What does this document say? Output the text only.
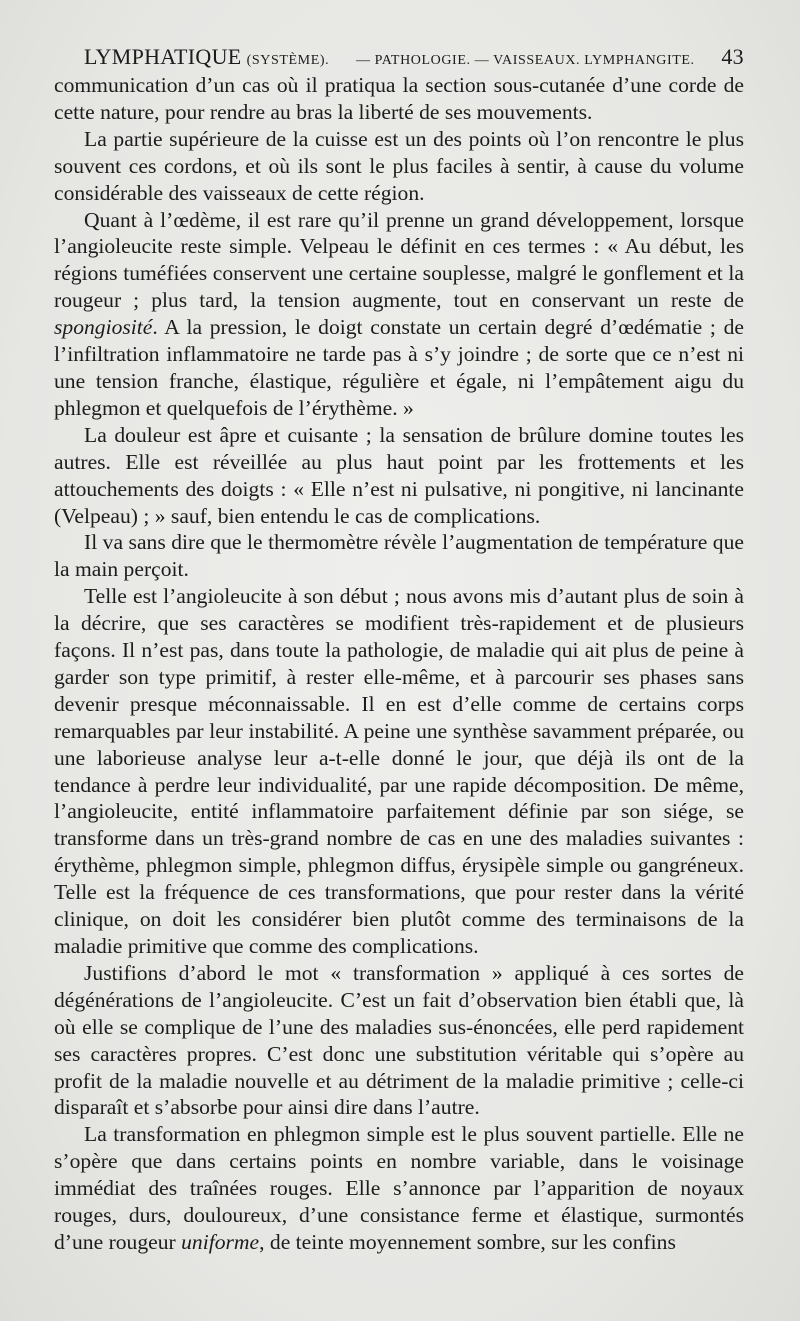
LYMPHATIQUE (SYSTÈME). — PATHOLOGIE. — VAISSEAUX. LYMPHANGITE. 43

communication d’un cas où il pratiqua la section sous-cutanée d’une corde de cette nature, pour rendre au bras la liberté de ses mouvements.

La partie supérieure de la cuisse est un des points où l’on rencontre le plus souvent ces cordons, et où ils sont le plus faciles à sentir, à cause du volume considérable des vaisseaux de cette région.

Quant à l’œdème, il est rare qu’il prenne un grand développement, lorsque l’angioleucite reste simple. Velpeau le définit en ces termes : « Au début, les régions tuméfiées conservent une certaine souplesse, malgré le gonflement et la rougeur ; plus tard, la tension augmente, tout en conservant un reste de spongiosité. A la pression, le doigt constate un certain degré d’œdématie ; de l’infiltration inflammatoire ne tarde pas à s’y joindre ; de sorte que ce n’est ni une tension franche, élastique, régulière et égale, ni l’empâtement aigu du phlegmon et quelquefois de l’érythème. »

La douleur est âpre et cuisante ; la sensation de brûlure domine toutes les autres. Elle est réveillée au plus haut point par les frottements et les attouchements des doigts : « Elle n’est ni pulsative, ni pongitive, ni lancinante (Velpeau) ; » sauf, bien entendu le cas de complications.

Il va sans dire que le thermomètre révèle l’augmentation de température que la main perçoit.

Telle est l’angioleucite à son début ; nous avons mis d’autant plus de soin à la décrire, que ses caractères se modifient très-rapidement et de plusieurs façons. Il n’est pas, dans toute la pathologie, de maladie qui ait plus de peine à garder son type primitif, à rester elle-même, et à parcourir ses phases sans devenir presque méconnaissable. Il en est d’elle comme de certains corps remarquables par leur instabilité. A peine une synthèse savamment préparée, ou une laborieuse analyse leur a-t-elle donné le jour, que déjà ils ont de la tendance à perdre leur individualité, par une rapide décomposition. De même, l’angioleucite, entité inflammatoire parfaitement définie par son siége, se transforme dans un très-grand nombre de cas en une des maladies suivantes : érythème, phlegmon simple, phlegmon diffus, érysipèle simple ou gangréneux. Telle est la fréquence de ces transformations, que pour rester dans la vérité clinique, on doit les considérer bien plutôt comme des terminaisons de la maladie primitive que comme des complications.

Justifions d’abord le mot « transformation » appliqué à ces sortes de dégénérations de l’angioleucite. C’est un fait d’observation bien établi que, là où elle se complique de l’une des maladies sus-énoncées, elle perd rapidement ses caractères propres. C’est donc une substitution véritable qui s’opère au profit de la maladie nouvelle et au détriment de la maladie primitive ; celle-ci disparaît et s’absorbe pour ainsi dire dans l’autre.

La transformation en phlegmon simple est le plus souvent partielle. Elle ne s’opère que dans certains points en nombre variable, dans le voisinage immédiat des traînées rouges. Elle s’annonce par l’apparition de noyaux rouges, durs, douloureux, d’une consistance ferme et élastique, surmontés d’une rougeur uniforme, de teinte moyennement sombre, sur les confins
